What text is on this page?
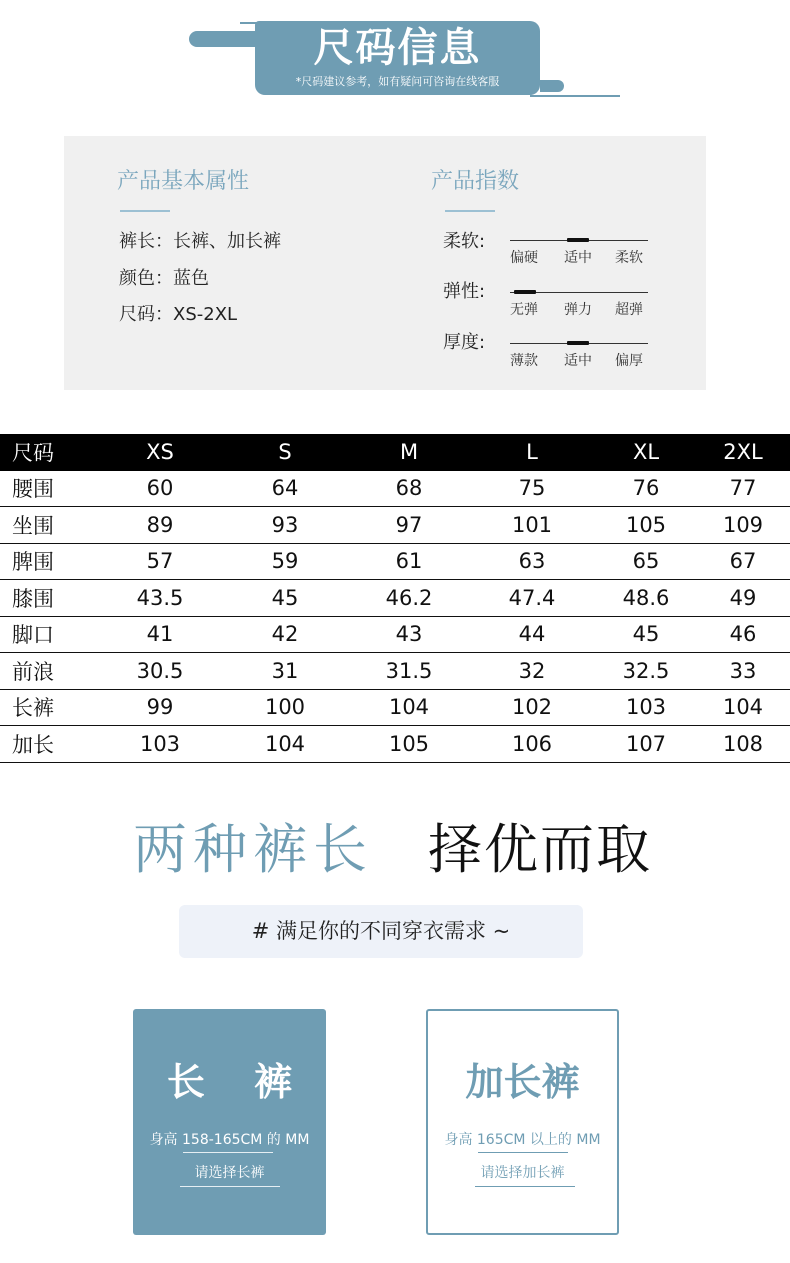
尺码信息
*尺码建议参考，如有疑问可咨询在线客服
产品基本属性
裤长：长裤、加长裤
颜色：蓝色
尺码：XS-2XL
产品指数
柔软:
偏硬 适中 柔软
弹性:
无弹 弹力 超弹
厚度:
薄款 适中 偏厚
尺码	XS	S	M	L	XL	2XL
腰围	60	64	68	75	76	77
坐围	89	93	97	101	105	109
脾围	57	59	61	63	65	67
膝围	43.5	45	46.2	47.4	48.6	49
脚口	41	42	43	44	45	46
前浪	30.5	31	31.5	32	32.5	33
长裤	99	100	104	102	103	104
加长	103	104	105	106	107	108
两种裤长 择优而取
# 满足你的不同穿衣需求 ~
长 裤
身高 158-165CM 的 MM
请选择长裤
加长裤
身高 165CM 以上的 MM
请选择加长裤
